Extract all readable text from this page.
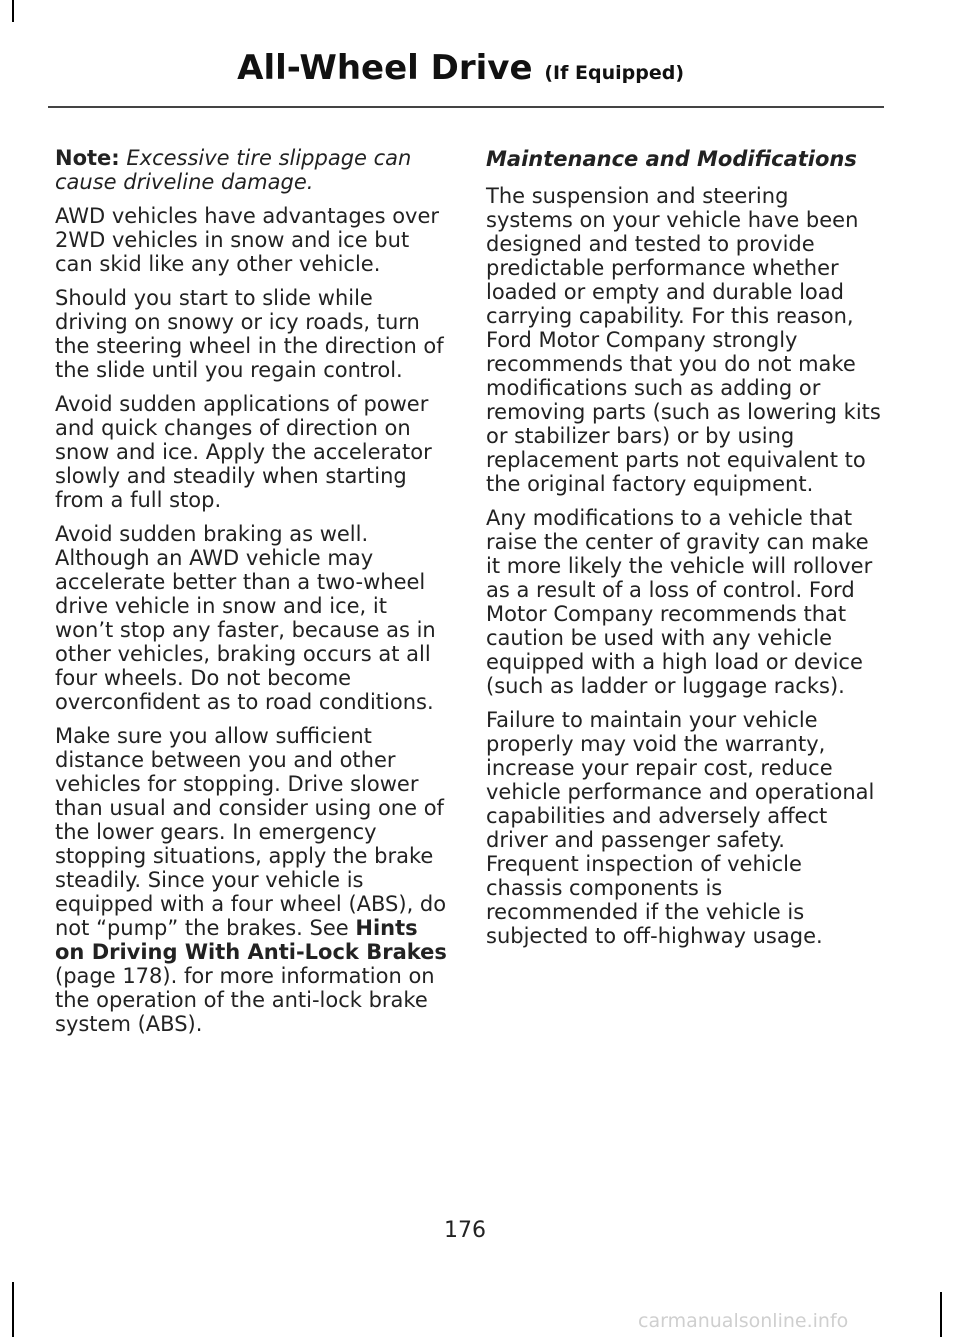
All-Wheel Drive (If Equipped)

Note: Excessive tire slippage can cause driveline damage.

AWD vehicles have advantages over 2WD vehicles in snow and ice but can skid like any other vehicle.

Should you start to slide while driving on snowy or icy roads, turn the steering wheel in the direction of the slide until you regain control.

Avoid sudden applications of power and quick changes of direction on snow and ice. Apply the accelerator slowly and steadily when starting from a full stop.

Avoid sudden braking as well. Although an AWD vehicle may accelerate better than a two-wheel drive vehicle in snow and ice, it won’t stop any faster, because as in other vehicles, braking occurs at all four wheels. Do not become overconfident as to road conditions.

Make sure you allow sufficient distance between you and other vehicles for stopping. Drive slower than usual and consider using one of the lower gears. In emergency stopping situations, apply the brake steadily. Since your vehicle is equipped with a four wheel (ABS), do not “pump” the brakes. See Hints on Driving With Anti-Lock Brakes (page 178). for more information on the operation of the anti-lock brake system (ABS).

Maintenance and Modifications

The suspension and steering systems on your vehicle have been designed and tested to provide predictable performance whether loaded or empty and durable load carrying capability. For this reason, Ford Motor Company strongly recommends that you do not make modifications such as adding or removing parts (such as lowering kits or stabilizer bars) or by using replacement parts not equivalent to the original factory equipment.

Any modifications to a vehicle that raise the center of gravity can make it more likely the vehicle will rollover as a result of a loss of control. Ford Motor Company recommends that caution be used with any vehicle equipped with a high load or device (such as ladder or luggage racks).

Failure to maintain your vehicle properly may void the warranty, increase your repair cost, reduce vehicle performance and operational capabilities and adversely affect driver and passenger safety. Frequent inspection of vehicle chassis components is recommended if the vehicle is subjected to off-highway usage.

176
carmanualsonline.info
